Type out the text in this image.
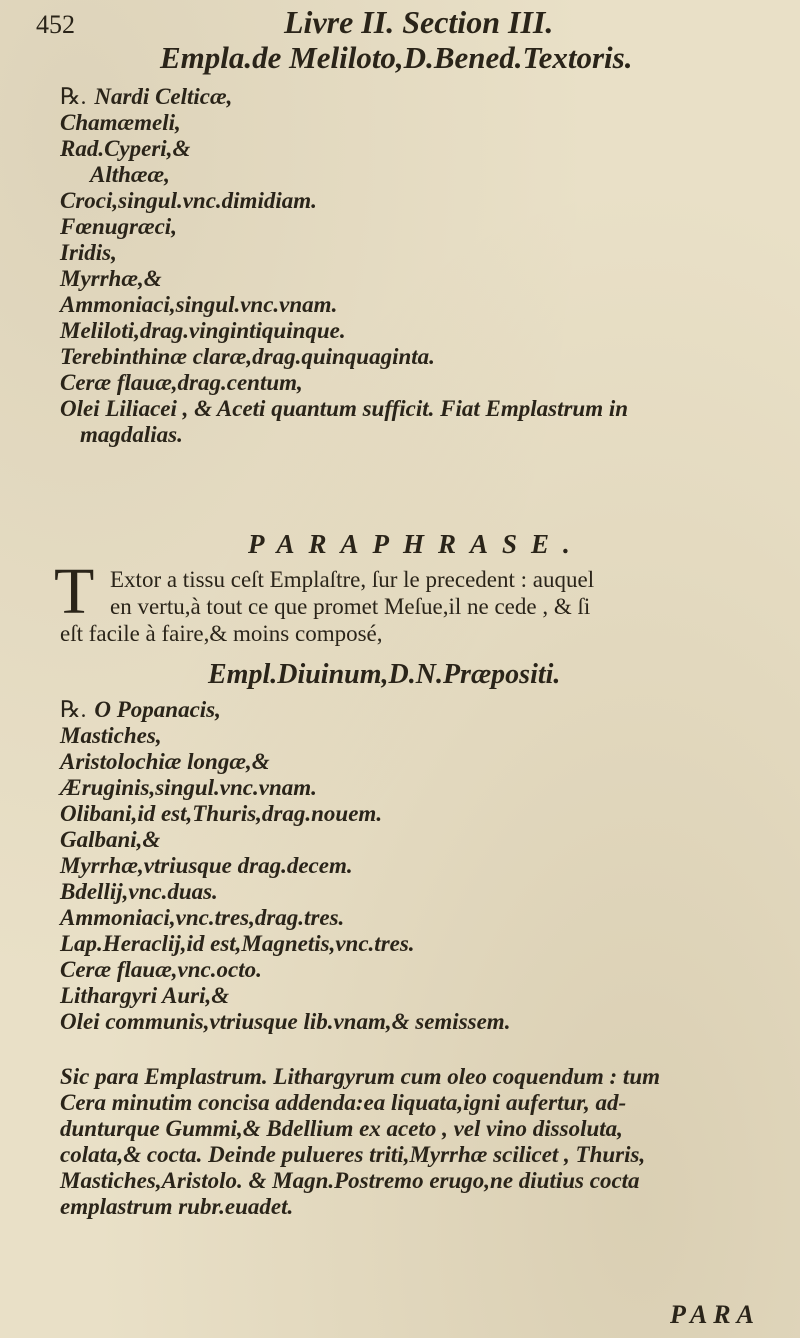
452	Livre II. Section III.
Empla.de Meliloto,D.Bened.Textoris.
℞. Nardi Celticæ,
Chamæmeli,
Rad.Cyperi,&
Althææ,
Croci,singul.vnc.dimidiam.
Fœnugræci,
Iridis,
Myrrhæ,&
Ammoniaci,singul.vnc.vnam.
Meliloti,drag.vingintiquinque.
Terebinthinæ claræ,drag.quinquaginta.
Ceræ flauæ,drag.centum,
Olei Liliacei , & Aceti quantum sufficit. Fiat Emplastrum in
magdalias.
PARAPHRASE.
T Extor a tissu ceſt Emplaſtre, ſur le precedent : auquel
en vertu,à tout ce que promet Meſue,il ne cede , & ſi
eſt facile à faire,& moins composé,
Empl.Diuinum,D.N.Præpositi.
℞. O Popanacis,
Mastiches,
Aristolochiæ longæ,&
Æruginis,singul.vnc.vnam.
Olibani,id est,Thuris,drag.nouem.
Galbani,&
Myrrhæ,vtriusque drag.decem.
Bdellij,vnc.duas.
Ammoniaci,vnc.tres,drag.tres.
Lap.Heraclij,id est,Magnetis,vnc.tres.
Ceræ flauæ,vnc.octo.
Lithargyri Auri,&
Olei communis,vtriusque lib.vnam,& semissem.
Sic para Emplastrum. Lithargyrum cum oleo coquendum : tum
Cera minutim concisa addenda:ea liquata,igni aufertur, ad-
dunturque Gummi,& Bdellium ex aceto , vel vino dissoluta,
colata,& cocta. Deinde pulueres triti,Myrrhæ scilicet , Thuris,
Mastiches,Aristolo. & Magn.Postremo erugo,ne diutius cocta
emplastrum rubr.euadet.
PARA
